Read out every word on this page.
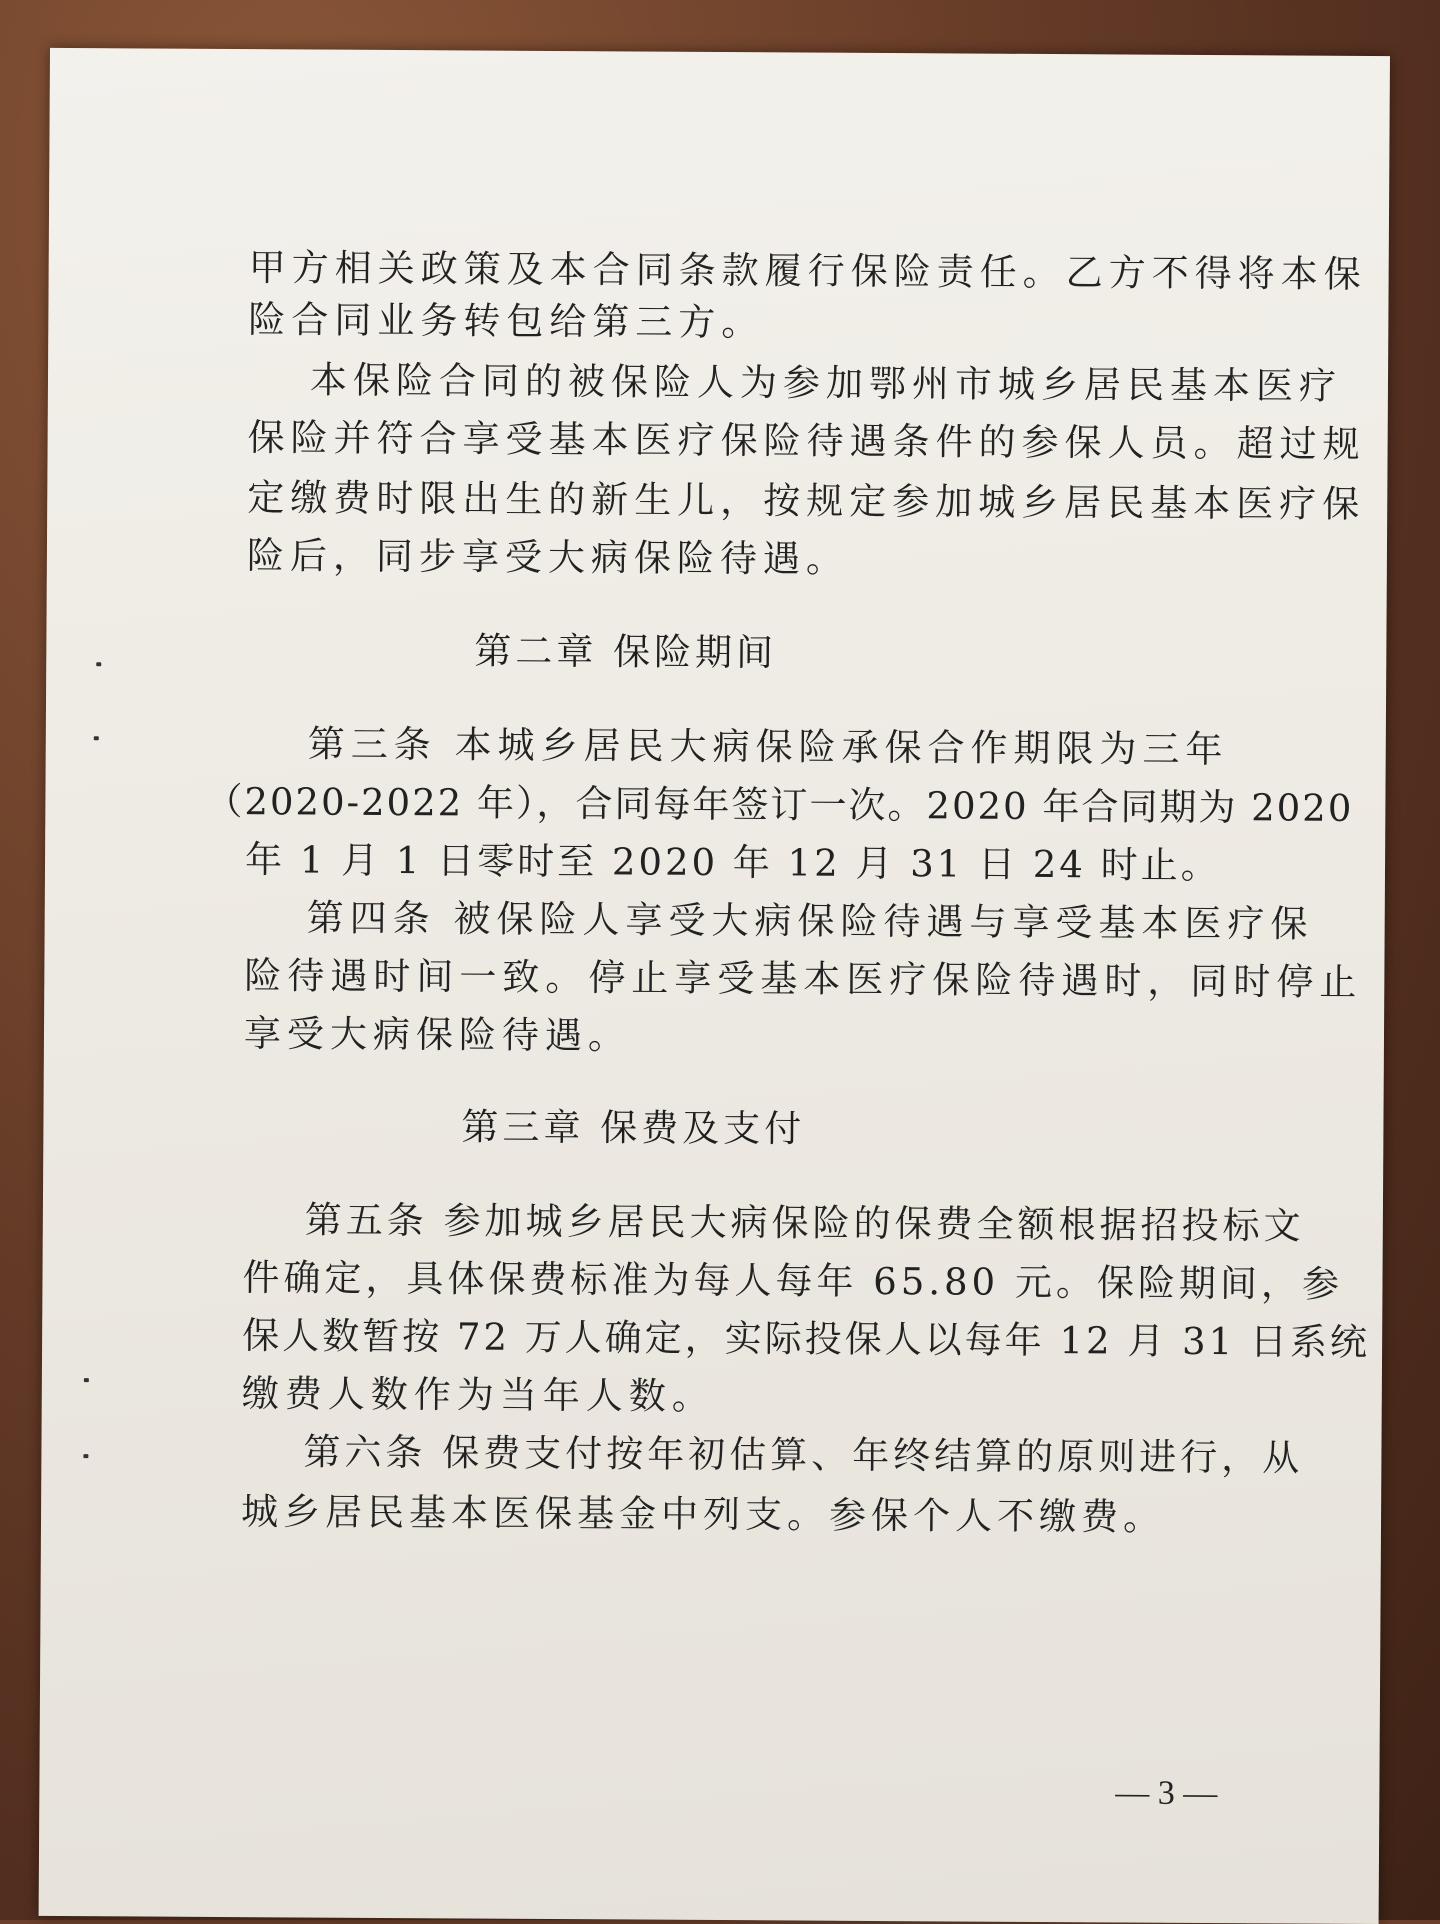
甲方相关政策及本合同条款履行保险责任。乙方不得将本保
险合同业务转包给第三方。
本保险合同的被保险人为参加鄂州市城乡居民基本医疗
保险并符合享受基本医疗保险待遇条件的参保人员。超过规
定缴费时限出生的新生儿，按规定参加城乡居民基本医疗保
险后，同步享受大病保险待遇。
第二章 保险期间
第三条 本城乡居民大病保险承保合作期限为三年
（2020-2022 年），合同每年签订一次。2020 年合同期为 2020
年 1 月 1 日零时至 2020 年 12 月 31 日 24 时止。
第四条 被保险人享受大病保险待遇与享受基本医疗保
险待遇时间一致。停止享受基本医疗保险待遇时，同时停止
享受大病保险待遇。
第三章 保费及支付
第五条 参加城乡居民大病保险的保费全额根据招投标文
件确定，具体保费标准为每人每年 65.80 元。保险期间，参
保人数暂按 72 万人确定，实际投保人以每年 12 月 31 日系统
缴费人数作为当年人数。
第六条 保费支付按年初估算、年终结算的原则进行，从
城乡居民基本医保基金中列支。参保个人不缴费。
— 3 —
